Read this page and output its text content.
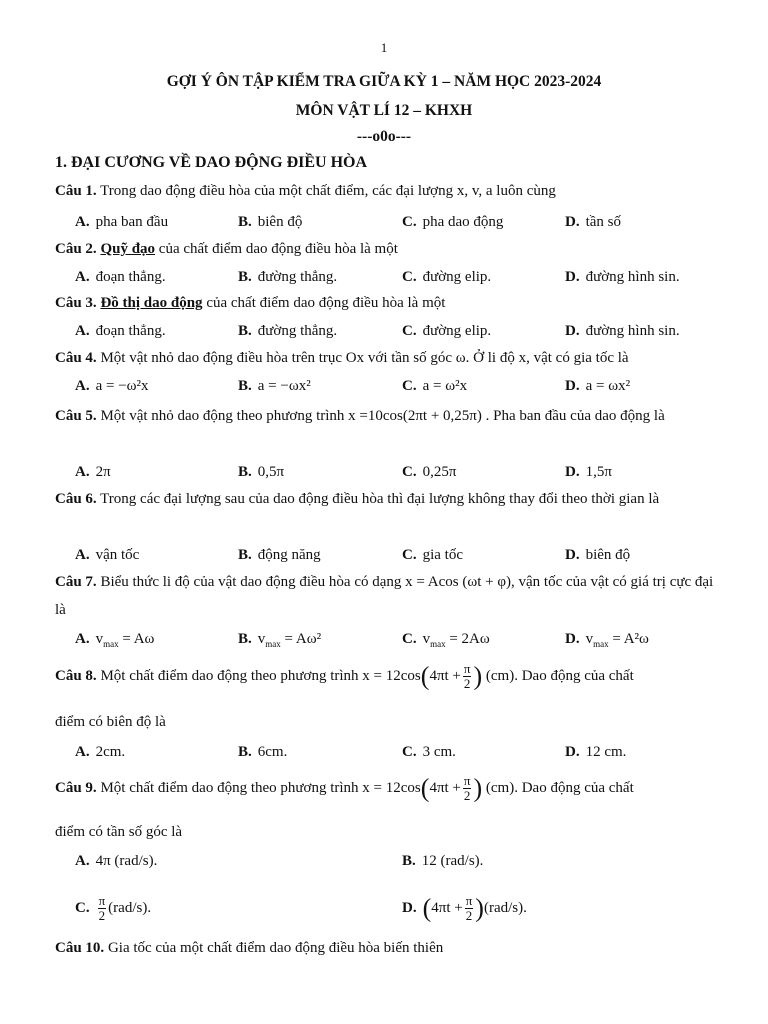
1
GỢI Ý ÔN TẬP KIỂM TRA GIỮA KỲ 1 – NĂM HỌC 2023-2024
MÔN VẬT LÍ 12 – KHXH
---o0o---
1. ĐẠI CƯƠNG VỀ DAO ĐỘNG ĐIỀU HÒA
Câu 1. Trong dao động điều hòa của một chất điểm, các đại lượng x, v, a luôn cùng
A. pha ban đầu	B. biên độ	C. pha dao động	D. tần số
Câu 2. Quỹ đạo của chất điểm dao động điều hòa là một
A. đoạn thẳng.	B. đường thẳng.	C. đường elip.	D. đường hình sin.
Câu 3. Đồ thị dao động của chất điểm dao động điều hòa là một
A. đoạn thẳng.	B. đường thẳng.	C. đường elip.	D. đường hình sin.
Câu 4. Một vật nhỏ dao động điều hòa trên trục Ox với tần số góc ω. Ở li độ x, vật có gia tốc là
A. a = −ω²x	B. a = −ωx²	C. a = ω²x	D. a = ωx²
Câu 5. Một vật nhỏ dao động theo phương trình x =10cos(2πt + 0,25π) . Pha ban đầu của dao động là
A. 2π	B. 0,5π	C. 0,25π	D. 1,5π
Câu 6. Trong các đại lượng sau của dao động điều hòa thì đại lượng không thay đổi theo thời gian là
A. vận tốc	B. động năng	C. gia tốc	D. biên độ
Câu 7. Biểu thức li độ của vật dao động điều hòa có dạng x = Acos (ωt + φ), vận tốc của vật có giá trị cực đại là
A. $v_{max} = A\omega$	B. $v_{max} = A\omega^2$	C. $v_{max} = 2A\omega$	D. $v_{max} = A^2\omega$
Câu 8. Một chất điểm dao động theo phương trình $x = 12\cos(4\pi t + \frac{\pi}{2}$ ) (cm). Dao động của chất
điểm có biên độ là
A. 2cm.	B. 6cm.	C. 3 cm.	D. 12 cm.
Câu 9. Một chất điểm dao động theo phương trình $x = 12\cos(4\pi t + \frac{\pi}{2}$ ) (cm). Dao động của chất
điểm có tần số góc là
A. 4π (rad/s).	B. 12 (rad/s).
C. $\frac{\pi}{2} (rad/s)$.	D. $(4\pi t + \frac{\pi}{2} )(rad/s)$.
Câu 10. Gia tốc của một chất điểm dao động điều hòa biến thiên
